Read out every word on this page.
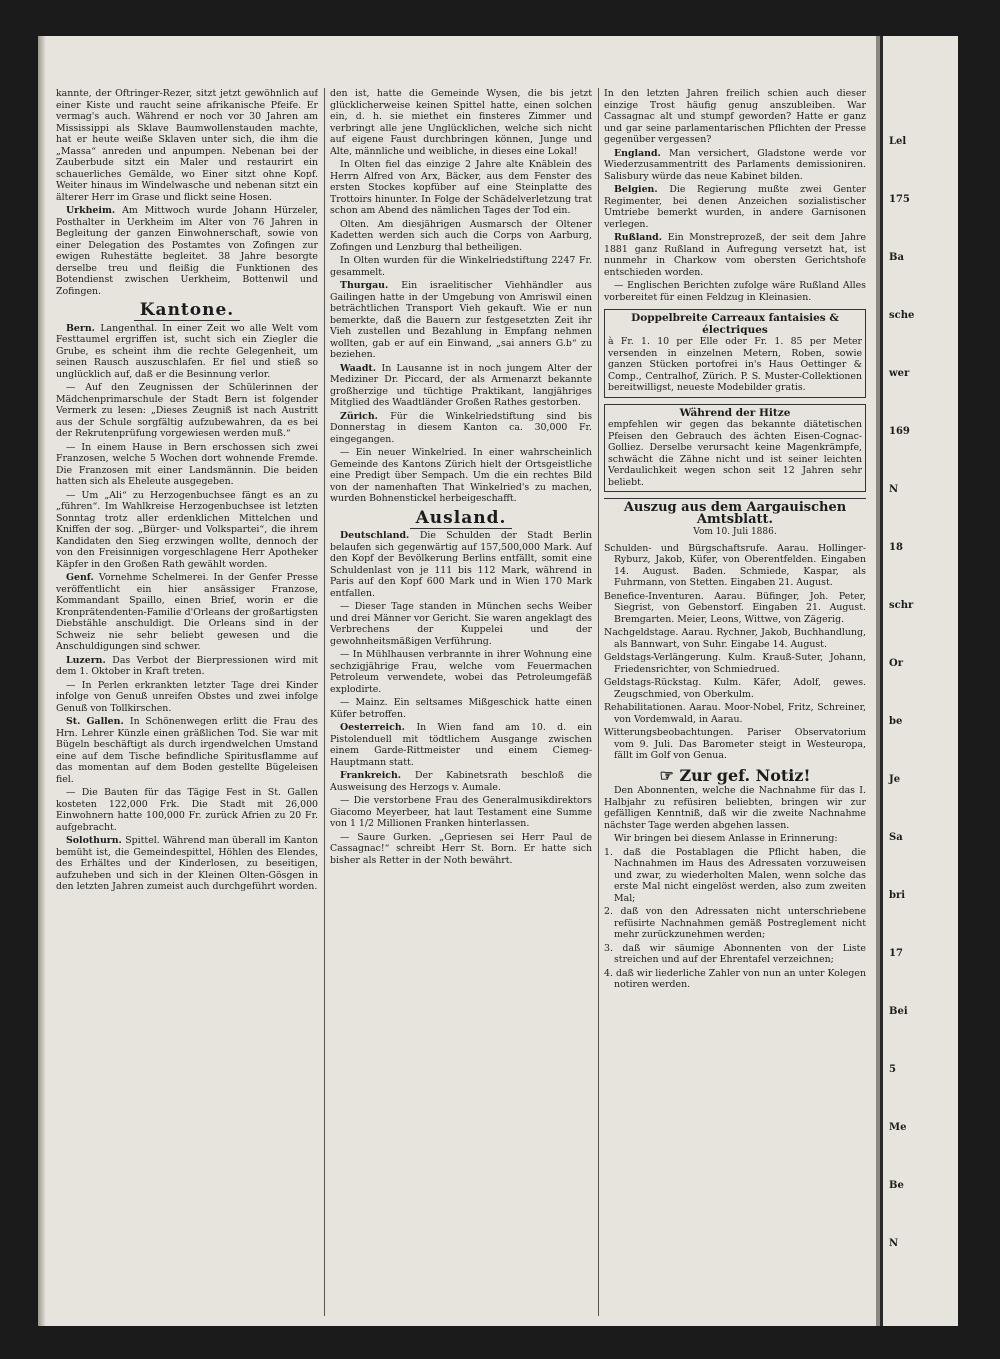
kannte, der Oftringer-Rezer, sitzt jetzt gewöhnlich auf einer Kiste und raucht seine afrikanische Pfeife. Er vermag's auch. Während er noch vor 30 Jahren am Mississippi als Sklave Baumwollenstauden machte, hat er heute weiße Sklaven unter sich, die ihm die „Massa“ anreden und anpumpen. Nebenan bei der Zauberbude sitzt ein Maler und restaurirt ein schauerliches Gemälde, wo Einer sitzt ohne Kopf. Weiter hinaus im Windelwasche und nebenan sitzt ein älterer Herr im Grase und flickt seine Hosen.

Urkheim. Am Mittwoch wurde Johann Hürzeler, Posthalter in Uerkheim im Alter von 76 Jahren in Begleitung der ganzen Einwohnerschaft, sowie von einer Delegation des Postamtes von Zofingen zur ewigen Ruhestätte begleitet. 38 Jahre besorgte derselbe treu und fleißig die Funktionen des Botendienst zwischen Uerkheim, Bottenwil und Zofingen.

Kantone.

Bern. Langenthal. In einer Zeit wo alle Welt vom Festtaumel ergriffen ist, sucht sich ein Ziegler die Grube, es scheint ihm die rechte Gelegenheit, um seinen Rausch auszuschlafen. Er fiel und stieß so unglücklich auf, daß er die Besinnung verlor.

— Auf den Zeugnissen der Schülerinnen der Mädchenprimarschule der Stadt Bern ist folgender Vermerk zu lesen: „Dieses Zeugniß ist nach Austritt aus der Schule sorgfältig aufzubewahren, da es bei der Rekrutenprüfung vorgewiesen werden muß.“

— In einem Hause in Bern erschossen sich zwei Franzosen, welche 5 Wochen dort wohnende Fremde. Die Franzosen mit einer Landsmännin. Die beiden hatten sich als Eheleute ausgegeben.

— Um „Ali“ zu Herzogenbuchsee fängt es an zu „führen“. Im Wahlkreise Herzogenbuchsee ist letzten Sonntag trotz aller erdenklichen Mittelchen und Kniffen der sog. „Bürger- und Volkspartei“, die ihrem Kandidaten den Sieg erzwingen wollte, dennoch der von den Freisinnigen vorgeschlagene Herr Apotheker Käpfer in den Großen Rath gewählt worden.

Genf. Vornehme Schelmerei. In der Genfer Presse veröffentlicht ein hier ansässiger Franzose, Kommandant Spaillo, einen Brief, worin er die Kronprätendenten-Familie d'Orleans der großartigsten Diebstähle anschuldigt. Die Orleans sind in der Schweiz nie sehr beliebt gewesen und die Anschuldigungen sind schwer.

Luzern. Das Verbot der Bierpressionen wird mit dem 1. Oktober in Kraft treten.

— In Perlen erkrankten letzter Tage drei Kinder infolge von Genuß unreifen Obstes und zwei infolge Genuß von Tollkirschen.

St. Gallen. In Schönenwegen erlitt die Frau des Hrn. Lehrer Künzle einen gräßlichen Tod. Sie war mit Bügeln beschäftigt als durch irgendwelchen Umstand eine auf dem Tische befindliche Spiritusflamme auf das momentan auf dem Boden gestellte Bügeleisen fiel.

— Die Bauten für das Tägige Fest in St. Gallen kosteten 122,000 Frk. Die Stadt mit 26,000 Einwohnern hatte 100,000 Fr. zurück Afrien zu 20 Fr. aufgebracht.

Solothurn. Spittel. Während man überall im Kanton bemüht ist, die Gemeindespittel, Höhlen des Elendes, des Erhältes und der Kinderlosen, zu beseitigen, aufzuheben und sich in der Kleinen Olten-Gösgen in den letzten Jahren zumeist auch durchgeführt worden.

den ist, hatte die Gemeinde Wysen, die bis jetzt glücklicherweise keinen Spittel hatte, einen solchen ein, d. h. sie miethet ein finsteres Zimmer und verbringt alle jene Unglücklichen, welche sich nicht auf eigene Faust durchbringen können, Junge und Alte, männliche und weibliche, in dieses eine Lokal!

In Olten fiel das einzige 2 Jahre alte Knäblein des Herrn Alfred von Arx, Bäcker, aus dem Fenster des ersten Stockes kopfüber auf eine Steinplatte des Trottoirs hinunter. In Folge der Schädelverletzung trat schon am Abend des nämlichen Tages der Tod ein.

Olten. Am diesjährigen Ausmarsch der Oltener Kadetten werden sich auch die Corps von Aarburg, Zofingen und Lenzburg thal betheiligen.

In Olten wurden für die Winkelriedstiftung 2247 Fr. gesammelt.

Thurgau. Ein israelitischer Viehhändler aus Gailingen hatte in der Umgebung von Amriswil einen beträchtlichen Transport Vieh gekauft. Wie er nun bemerkte, daß die Bauern zur festgesetzten Zeit ihr Vieh zustellen und Bezahlung in Empfang nehmen wollten, gab er auf ein Einwand, „sai anners G.b“ zu beziehen.

Waadt. In Lausanne ist in noch jungem Alter der Mediziner Dr. Piccard, der als Armenarzt bekannte großherzige und tüchtige Praktikant, langjähriges Mitglied des Waadtländer Großen Rathes gestorben.

Zürich. Für die Winkelriedstiftung sind bis Donnerstag in diesem Kanton ca. 30,000 Fr. eingegangen.

— Ein neuer Winkelried. In einer wahrscheinlich Gemeinde des Kantons Zürich hielt der Ortsgeistliche eine Predigt über Sempach. Um die ein rechtes Bild von der namenhaften That Winkelried's zu machen, wurden Bohnenstickel herbeigeschafft.

Ausland.

Deutschland. Die Schulden der Stadt Berlin belaufen sich gegenwärtig auf 157,500,000 Mark. Auf den Kopf der Bevölkerung Berlins entfällt, somit eine Schuldenlast von je 111 bis 112 Mark, während in Paris auf den Kopf 600 Mark und in Wien 170 Mark entfallen.

— Dieser Tage standen in München sechs Weiber und drei Männer vor Gericht. Sie waren angeklagt des Verbrechens der Kuppelei und der gewohnheitsmäßigen Verführung.

— In Mühlhausen verbrannte in ihrer Wohnung eine sechzigjährige Frau, welche vom Feuermachen Petroleum verwendete, wobei das Petroleumgefäß explodirte.

— Mainz. Ein seltsames Mißgeschick hatte einen Küfer betroffen.

Oesterreich. In Wien fand am 10. d. ein Pistolenduell mit tödtlichem Ausgange zwischen einem Garde-Rittmeister und einem Ciemeg-Hauptmann statt.

Frankreich. Der Kabinetsrath beschloß die Ausweisung des Herzogs v. Aumale.

— Die verstorbene Frau des Generalmusikdirektors Giacomo Meyerbeer, hat laut Testament eine Summe von 1 1/2 Millionen Franken hinterlassen.

— Saure Gurken. „Gepriesen sei Herr Paul de Cassagnac!“ schreibt Herr St. Born. Er hatte sich bisher als Retter in der Noth bewährt.

In den letzten Jahren freilich schien auch dieser einzige Trost häufig genug anszubleiben. War Cassagnac alt und stumpf geworden? Hatte er ganz und gar seine parlamentarischen Pflichten der Presse gegenüber vergessen?

England. Man versichert, Gladstone werde vor Wiederzusammentritt des Parlaments demissioniren. Salisbury würde das neue Kabinet bilden.

Belgien. Die Regierung mußte zwei Genter Regimenter, bei denen Anzeichen sozialistischer Umtriebe bemerkt wurden, in andere Garnisonen verlegen.

Rußland. Ein Monstreprozeß, der seit dem Jahre 1881 ganz Rußland in Aufregung versetzt hat, ist nunmehr in Charkow vom obersten Gerichtshofe entschieden worden.

— Englischen Berichten zufolge wäre Rußland Alles vorbereitet für einen Feldzug in Kleinasien.

Doppelbreite Carreaux fantaisies & électriques
à Fr. 1. 10 per Elle oder Fr. 1. 85 per Meter versenden in einzelnen Metern, Roben, sowie ganzen Stücken portofrei in's Haus Oettinger & Comp., Centralhof, Zürich. P. S. Muster-Collektionen bereitwilligst, neueste Modebilder gratis.
Während der Hitze
empfehlen wir gegen das bekannte diätetischen Pfeisen den Gebrauch des ächten Eisen-Cognac-Golliez. Derselbe verursacht keine Magenkrämpfe, schwächt die Zähne nicht und ist seiner leichten Verdaulichkeit wegen schon seit 12 Jahren sehr beliebt.
Auszug aus dem Aargauischen Amtsblatt.
Vom 10. Juli 1886.
Schulden- und Bürgschaftsrufe. Aarau. Hollinger-Ryburz, Jakob, Küfer, von Oberentfelden. Eingaben 14. August. Baden. Schmiede, Kaspar, als Fuhrmann, von Stetten. Eingaben 21. August.
Benefice-Inventuren. Aarau. Büfinger, Joh. Peter, Siegrist, von Gebenstorf. Eingaben 21. August. Bremgarten. Meier, Leons, Wittwe, von Zägerig.
Nachgeldstage. Aarau. Rychner, Jakob, Buchhandlung, als Bannwart, von Suhr. Eingabe 14. August.
Geldstags-Verlängerung. Kulm. Krauß-Suter, Johann, Friedensrichter, von Schmiedrued.
Geldstags-Rückstag. Kulm. Käfer, Adolf, gewes. Zeugschmied, von Oberkulm.
Rehabilitationen. Aarau. Moor-Nobel, Fritz, Schreiner, von Vordemwald, in Aarau.
Witterungsbeobachtungen. Pariser Observatorium vom 9. Juli. Das Barometer steigt in Westeuropa, fällt im Golf von Genua.
☞ Zur gef. Notiz!

Den Abonnenten, welche die Nachnahme für das I. Halbjahr zu refüsiren beliebten, bringen wir zur gefälligen Kenntniß, daß wir die zweite Nachnahme nächster Tage werden abgehen lassen.

Wir bringen bei diesem Anlasse in Erinnerung:

1. daß die Postablagen die Pflicht haben, die Nachnahmen im Haus des Adressaten vorzuweisen und zwar, zu wiederholten Malen, wenn solche das erste Mal nicht eingelöst werden, also zum zweiten Mal;
2. daß von den Adressaten nicht unterschriebene refüsirte Nachnahmen gemäß Postreglement nicht mehr zurückzunehmen werden;
3. daß wir säumige Abonnenten von der Liste streichen und auf der Ehrentafel verzeichnen;
4. daß wir liederliche Zahler von nun an unter Kolegen notiren werden.
Lel
175
Ba
sche
wer
169
N
18
schr
Or
be
Je
Sa
bri
17
Bei
5
Me
Be
N
